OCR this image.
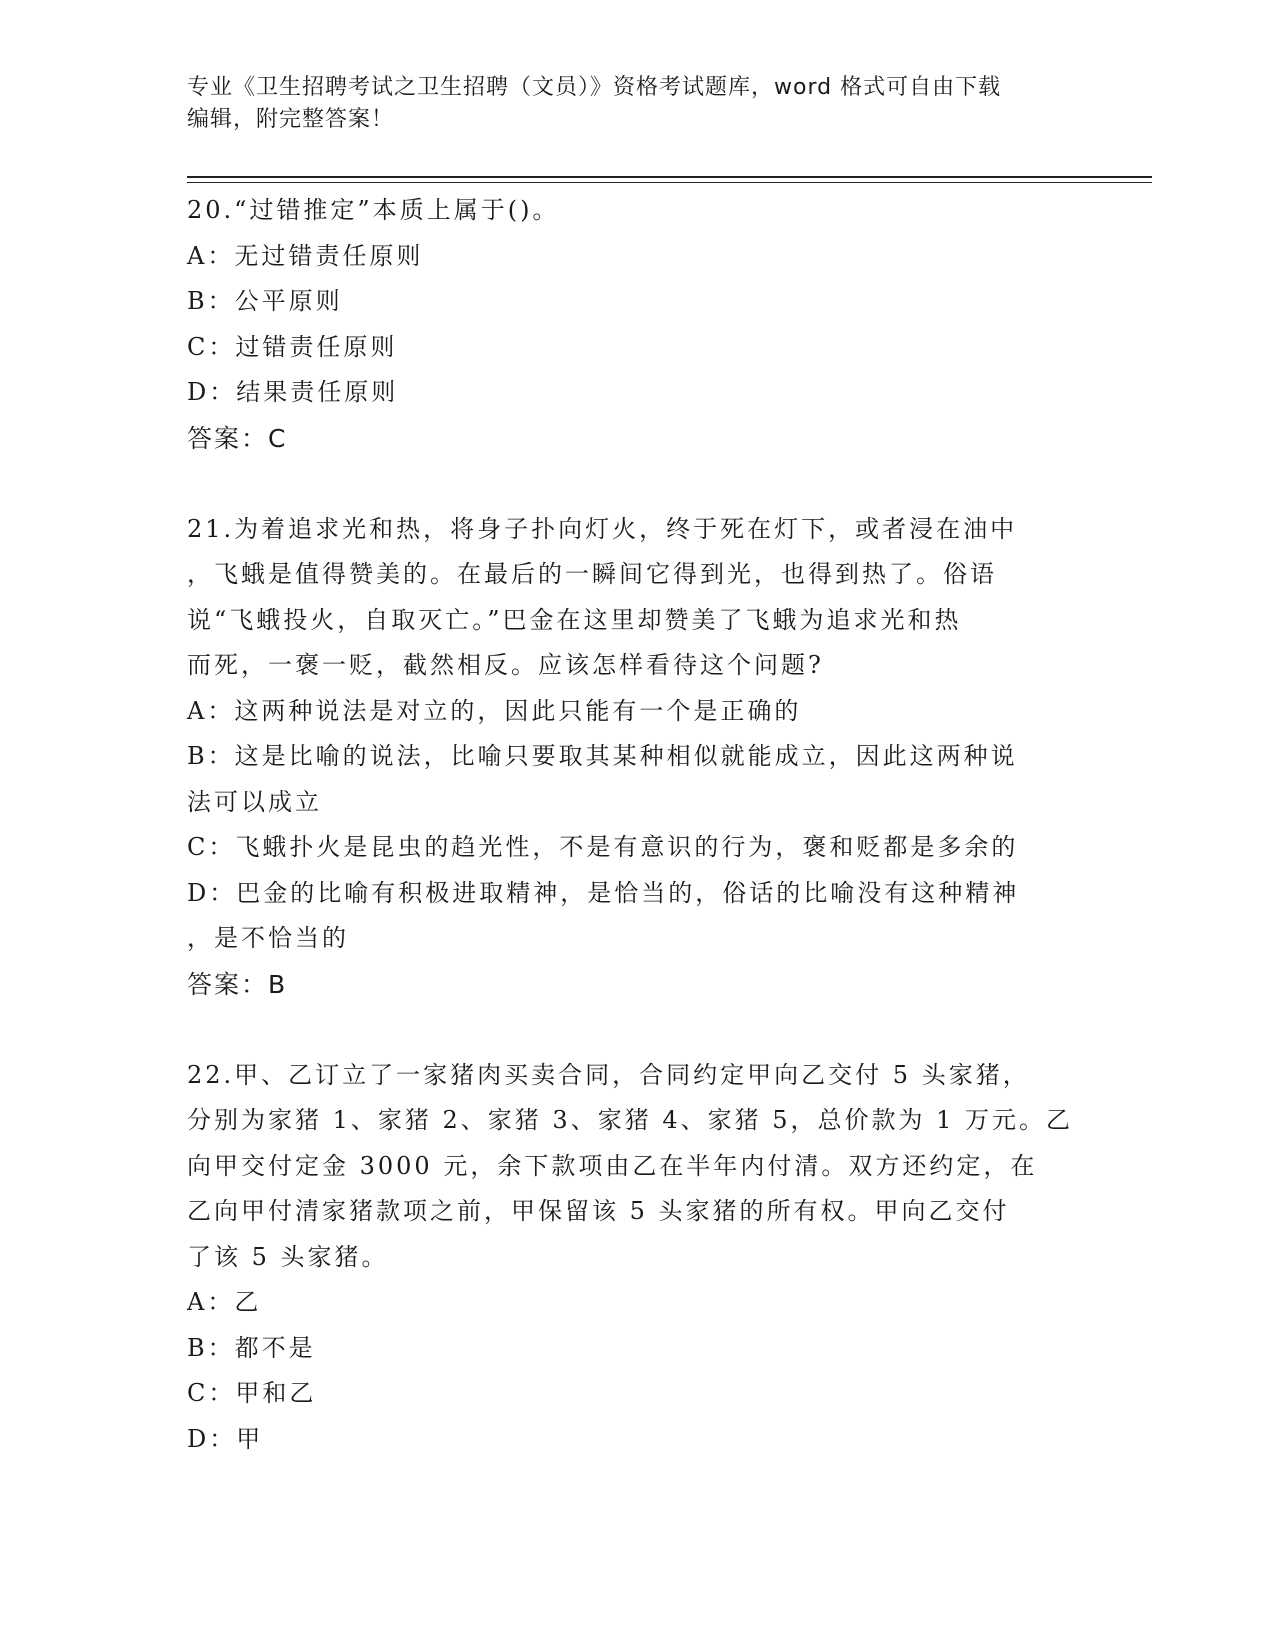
专业《卫生招聘考试之卫生招聘（文员）》资格考试题库，word 格式可自由下载
编辑，附完整答案！
20.“过错推定”本质上属于()。
A：无过错责任原则
B：公平原则
C：过错责任原则
D：结果责任原则
答案：C
21.为着追求光和热，将身子扑向灯火，终于死在灯下，或者浸在油中
，飞蛾是值得赞美的。在最后的一瞬间它得到光，也得到热了。俗语
说“飞蛾投火，自取灭亡。”巴金在这里却赞美了飞蛾为追求光和热
而死，一褒一贬，截然相反。应该怎样看待这个问题?
A：这两种说法是对立的，因此只能有一个是正确的
B：这是比喻的说法，比喻只要取其某种相似就能成立，因此这两种说
法可以成立
C：飞蛾扑火是昆虫的趋光性，不是有意识的行为，褒和贬都是多余的
D：巴金的比喻有积极进取精神，是恰当的，俗话的比喻没有这种精神
，是不恰当的
答案：B
22.甲、乙订立了一家猪肉买卖合同，合同约定甲向乙交付 5 头家猪，
分别为家猪 1、家猪 2、家猪 3、家猪 4、家猪 5，总价款为 1 万元。乙
向甲交付定金 3000 元，余下款项由乙在半年内付清。双方还约定，在
乙向甲付清家猪款项之前，甲保留该 5 头家猪的所有权。甲向乙交付
了该 5 头家猪。
A：乙
B：都不是
C：甲和乙
D：甲
